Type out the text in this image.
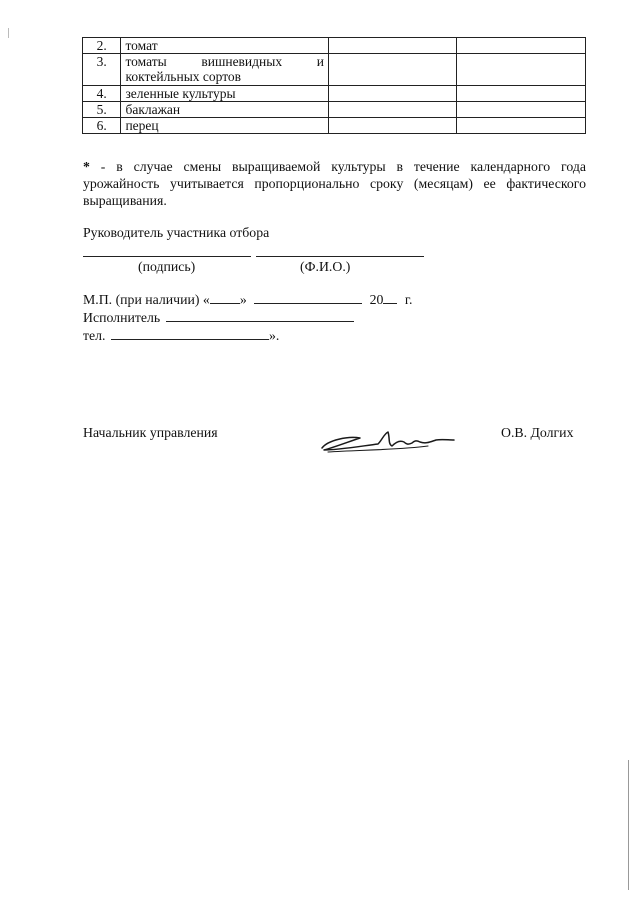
2.	томат		
3.	томаты вишневидных и
коктейльных сортов		

4.	зеленные культуры		
5.	баклажан		
6.	перец		
* - в случае смены выращиваемой культуры в течение календарного года урожайность учитывается пропорционально сроку (месяцам) ее фактического выращивания.
Руководитель участника отбора
(подпись)	(Ф.И.О.)
М.П. (при наличии) « »	20 г.
Исполнитель
тел.	».
Начальник управления	О.В. Долгих
